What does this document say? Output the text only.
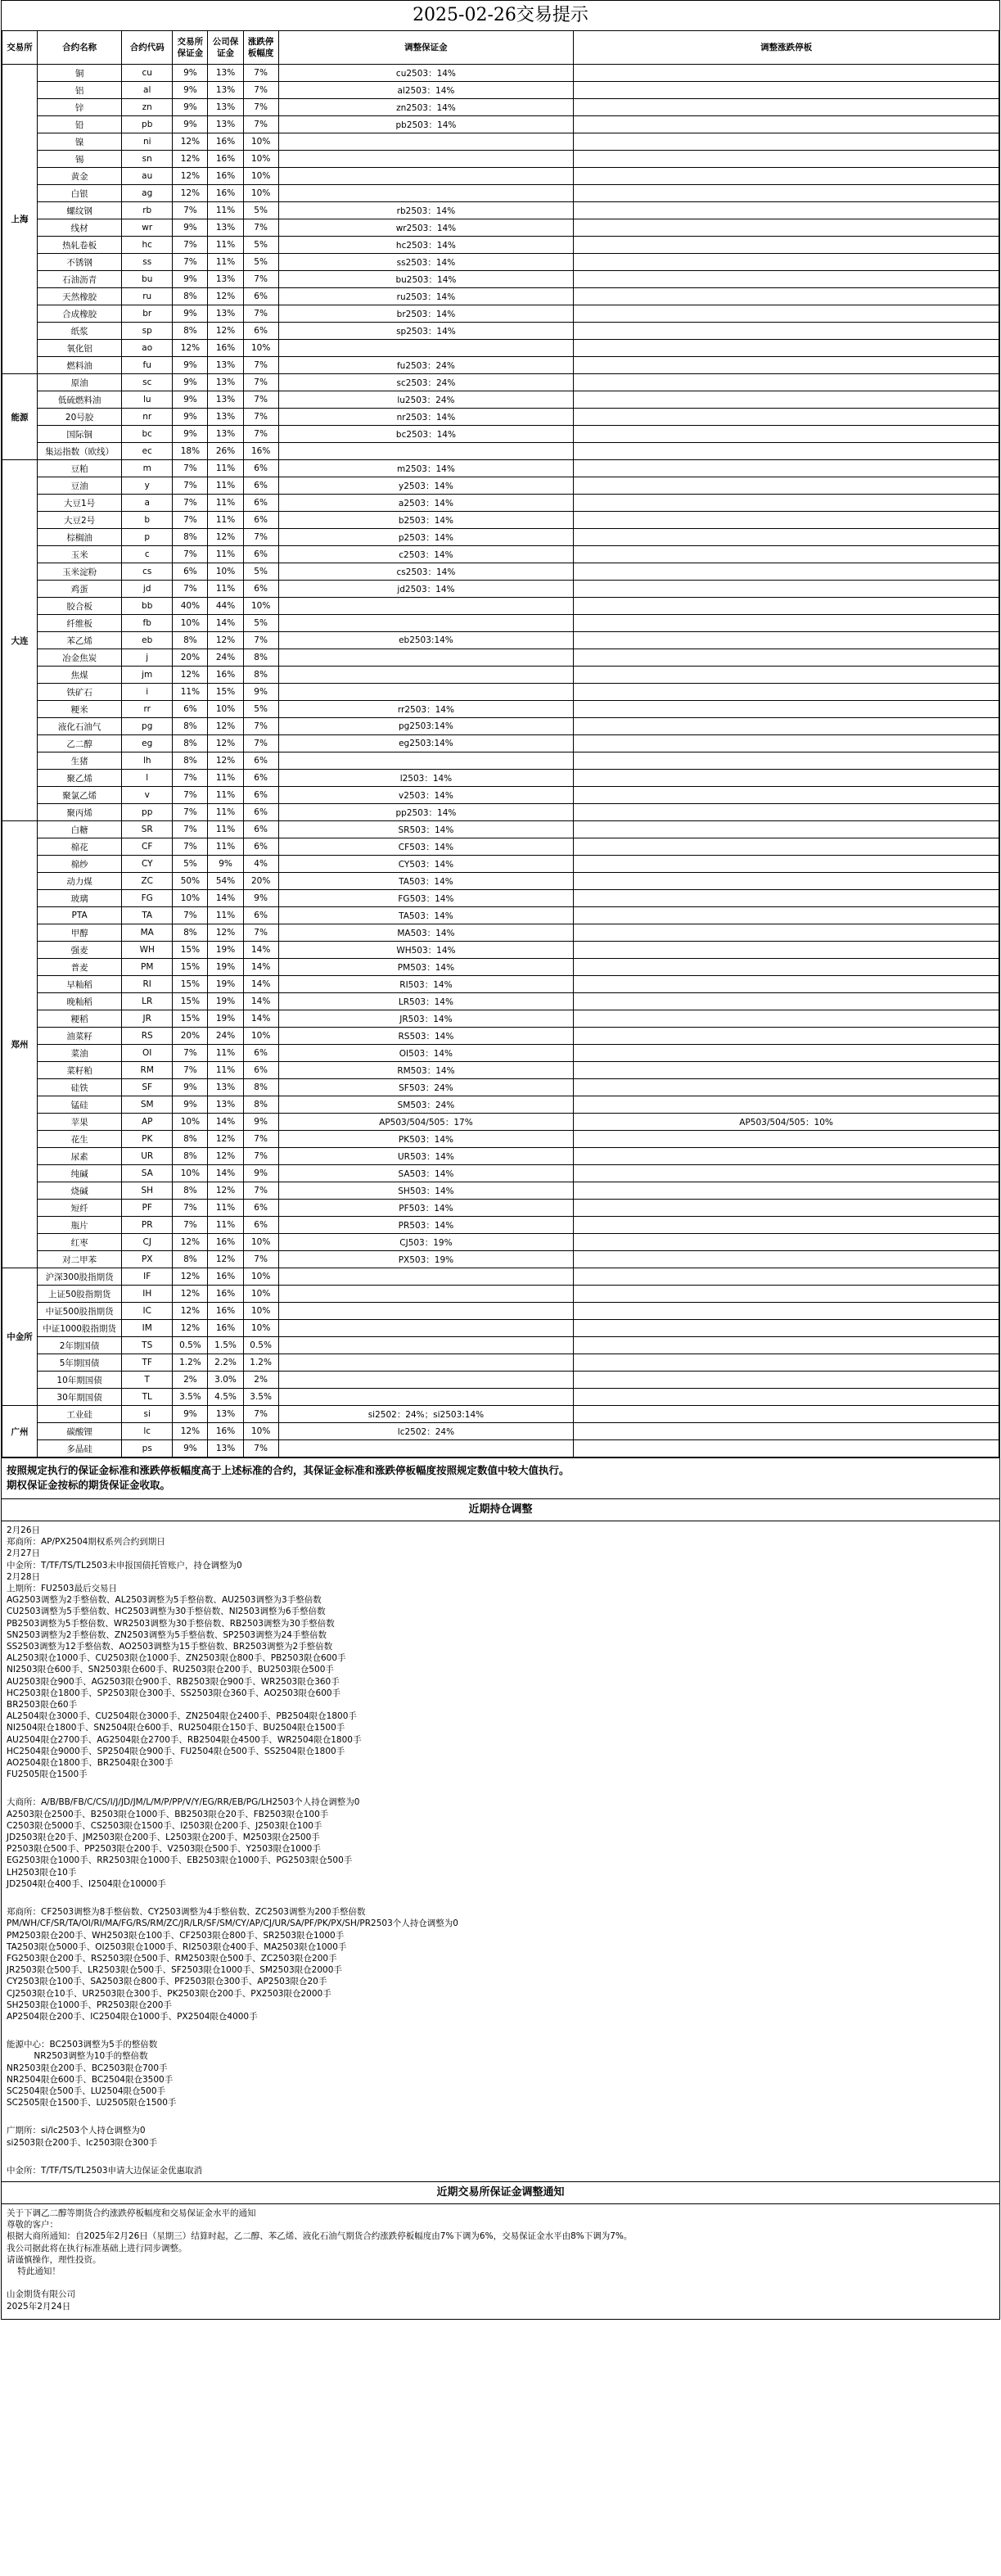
2025-02-26交易提示
交易所	合约名称	合约代码	交易所保证金	公司保证金	涨跌停板幅度	调整保证金	调整涨跌停板
上海	铜	cu	9%	13%	7%	cu2503：14%	
	铝	al	9%	13%	7%	al2503：14%	
	锌	zn	9%	13%	7%	zn2503：14%	
	铅	pb	9%	13%	7%	pb2503：14%	
	镍	ni	12%	16%	10%		
	锡	sn	12%	16%	10%		
	黄金	au	12%	16%	10%		
	白银	ag	12%	16%	10%		
	螺纹钢	rb	7%	11%	5%	rb2503：14%	
	线材	wr	9%	13%	7%	wr2503：14%	
	热轧卷板	hc	7%	11%	5%	hc2503：14%	
	不锈钢	ss	7%	11%	5%	ss2503：14%	
	石油沥青	bu	9%	13%	7%	bu2503：14%	
	天然橡胶	ru	8%	12%	6%	ru2503：14%	
	合成橡胶	br	9%	13%	7%	br2503：14%	
	纸浆	sp	8%	12%	6%	sp2503：14%	
	氧化铝	ao	12%	16%	10%		
	燃料油	fu	9%	13%	7%	fu2503：24%	
能源	原油	sc	9%	13%	7%	sc2503：24%	
	低硫燃料油	lu	9%	13%	7%	lu2503：24%	
	20号胶	nr	9%	13%	7%	nr2503：14%	
	国际铜	bc	9%	13%	7%	bc2503：14%	
	集运指数（欧线）	ec	18%	26%	16%		
大连	豆粕	m	7%	11%	6%	m2503：14%	
	豆油	y	7%	11%	6%	y2503：14%	
	大豆1号	a	7%	11%	6%	a2503：14%	
	大豆2号	b	7%	11%	6%	b2503：14%	
	棕榈油	p	8%	12%	7%	p2503：14%	
	玉米	c	7%	11%	6%	c2503：14%	
	玉米淀粉	cs	6%	10%	5%	cs2503：14%	
	鸡蛋	jd	7%	11%	6%	jd2503：14%	
	胶合板	bb	40%	44%	10%		
	纤维板	fb	10%	14%	5%		
	苯乙烯	eb	8%	12%	7%	eb2503:14%	
	冶金焦炭	j	20%	24%	8%		
	焦煤	jm	12%	16%	8%		
	铁矿石	i	11%	15%	9%		
	粳米	rr	6%	10%	5%	rr2503：14%	
	液化石油气	pg	8%	12%	7%	pg2503:14%	
	乙二醇	eg	8%	12%	7%	eg2503:14%	
	生猪	lh	8%	12%	6%		
	聚乙烯	l	7%	11%	6%	l2503：14%	
	聚氯乙烯	v	7%	11%	6%	v2503：14%	
	聚丙烯	pp	7%	11%	6%	pp2503：14%	
郑州	白糖	SR	7%	11%	6%	SR503：14%	
	棉花	CF	7%	11%	6%	CF503：14%	
	棉纱	CY	5%	9%	4%	CY503：14%	
	动力煤	ZC	50%	54%	20%	TA503：14%	
	玻璃	FG	10%	14%	9%	FG503：14%	
	PTA	TA	7%	11%	6%	TA503：14%	
	甲醇	MA	8%	12%	7%	MA503：14%	
	强麦	WH	15%	19%	14%	WH503：14%	
	普麦	PM	15%	19%	14%	PM503：14%	
	早籼稻	RI	15%	19%	14%	RI503：14%	
	晚籼稻	LR	15%	19%	14%	LR503：14%	
	粳稻	JR	15%	19%	14%	JR503：14%	
	油菜籽	RS	20%	24%	10%	RS503：14%	
	菜油	OI	7%	11%	6%	OI503：14%	
	菜籽粕	RM	7%	11%	6%	RM503：14%	
	硅铁	SF	9%	13%	8%	SF503：24%	
	锰硅	SM	9%	13%	8%	SM503：24%	
	苹果	AP	10%	14%	9%	AP503/504/505：17%	AP503/504/505：10%
	花生	PK	8%	12%	7%	PK503：14%	
	尿素	UR	8%	12%	7%	UR503：14%	
	纯碱	SA	10%	14%	9%	SA503：14%	
	烧碱	SH	8%	12%	7%	SH503：14%	
	短纤	PF	7%	11%	6%	PF503：14%	
	瓶片	PR	7%	11%	6%	PR503：14%	
	红枣	CJ	12%	16%	10%	CJ503：19%	
	对二甲苯	PX	8%	12%	7%	PX503：19%	
中金所	沪深300股指期货	IF	12%	16%	10%		
	上证50股指期货	IH	12%	16%	10%		
	中证500股指期货	IC	12%	16%	10%		
	中证1000股指期货	IM	12%	16%	10%		
	2年期国债	TS	0.5%	1.5%	0.5%		
	5年期国债	TF	1.2%	2.2%	1.2%		
	10年期国债	T	2%	3.0%	2%		
	30年期国债	TL	3.5%	4.5%	3.5%		
广州	工业硅	si	9%	13%	7%	si2502：24%；si2503:14%	
	碳酸锂	lc	12%	16%	10%	lc2502：24%	
	多晶硅	ps	9%	13%	7%		
按照规定执行的保证金标准和涨跌停板幅度高于上述标准的合约，其保证金标准和涨跌停板幅度按照规定数值中较大值执行。
期权保证金按标的期货保证金收取。
近期持仓调整
2月26日
郑商所：AP/PX2504期权系列合约到期日
2月27日
中金所：T/TF/TS/TL2503未申报国债托管账户，持仓调整为0
2月28日
上期所：FU2503最后交易日
AG2503调整为2手整倍数、AL2503调整为5手整倍数、AU2503调整为3手整倍数
CU2503调整为5手整倍数、HC2503调整为30手整倍数、NI2503调整为6手整倍数
PB2503调整为5手整倍数、WR2503调整为30手整倍数、RB2503调整为30手整倍数
SN2503调整为2手整倍数、ZN2503调整为5手整倍数、SP2503调整为24手整倍数
SS2503调整为12手整倍数、AO2503调整为15手整倍数、BR2503调整为2手整倍数
AL2503限仓1000手、CU2503限仓1000手、ZN2503限仓800手、PB2503限仓600手
NI2503限仓600手、SN2503限仓600手、RU2503限仓200手、BU2503限仓500手
AU2503限仓900手、AG2503限仓900手、RB2503限仓900手、WR2503限仓360手
HC2503限仓1800手、SP2503限仓300手、SS2503限仓360手、AO2503限仓600手
BR2503限仓60手
AL2504限仓3000手、CU2504限仓3000手、ZN2504限仓2400手、PB2504限仓1800手
NI2504限仓1800手、SN2504限仓600手、RU2504限仓150手、BU2504限仓1500手
AU2504限仓2700手、AG2504限仓2700手、RB2504限仓4500手、WR2504限仓1800手
HC2504限仓9000手、SP2504限仓900手、FU2504限仓500手、SS2504限仓1800手
AO2504限仓1800手、BR2504限仓300手
FU2505限仓1500手
大商所：A/B/BB/FB/C/CS/I/J/JD/JM/L/M/P/PP/V/Y/EG/RR/EB/PG/LH2503个人持仓调整为0
A2503限仓2500手、B2503限仓1000手、BB2503限仓20手、FB2503限仓100手
C2503限仓5000手、CS2503限仓1500手、I2503限仓200手、J2503限仓100手
JD2503限仓20手、JM2503限仓200手、L2503限仓200手、M2503限仓2500手
P2503限仓500手、PP2503限仓200手、V2503限仓500手、Y2503限仓1000手
EG2503限仓1000手、RR2503限仓1000手、EB2503限仓1000手、PG2503限仓500手
LH2503限仓10手
JD2504限仓400手、I2504限仓10000手
郑商所：CF2503调整为8手整倍数、CY2503调整为4手整倍数、ZC2503调整为200手整倍数
PM/WH/CF/SR/TA/OI/RI/MA/FG/RS/RM/ZC/JR/LR/SF/SM/CY/AP/CJ/UR/SA/PF/PK/PX/SH/PR2503个人持仓调整为0
PM2503限仓200手、WH2503限仓100手、CF2503限仓800手、SR2503限仓1000手
TA2503限仓5000手、OI2503限仓1000手、RI2503限仓400手、MA2503限仓1000手
FG2503限仓200手、RS2503限仓500手、RM2503限仓500手、ZC2503限仓200手
JR2503限仓500手、LR2503限仓500手、SF2503限仓1000手、SM2503限仓2000手
CY2503限仓100手、SA2503限仓800手、PF2503限仓300手、AP2503限仓20手
CJ2503限仓10手、UR2503限仓300手、PK2503限仓200手、PX2503限仓2000手
SH2503限仓1000手、PR2503限仓200手
AP2504限仓200手、IC2504限仓1000手、PX2504限仓4000手
能源中心：BC2503调整为5手的整倍数
NR2503调整为10手的整倍数
NR2503限仓200手、BC2503限仓700手
NR2504限仓600手、BC2504限仓3500手
SC2504限仓500手、LU2504限仓500手
SC2505限仓1500手、LU2505限仓1500手
广期所：si/lc2503个人持仓调整为0
si2503限仓200手、lc2503限仓300手
中金所：T/TF/TS/TL2503申请大边保证金优惠取消
近期交易所保证金调整通知
关于下调乙二醇等期货合约涨跌停板幅度和交易保证金水平的通知
尊敬的客户：
根据大商所通知：自2025年2月26日（星期三）结算时起，乙二醇、苯乙烯、液化石油气期货合约涨跌停板幅度由7%下调为6%，交易保证金水平由8%下调为7%。
我公司据此将在执行标准基础上进行同步调整。
请谨慎操作，理性投资。
特此通知！

山金期货有限公司
2025年2月24日
